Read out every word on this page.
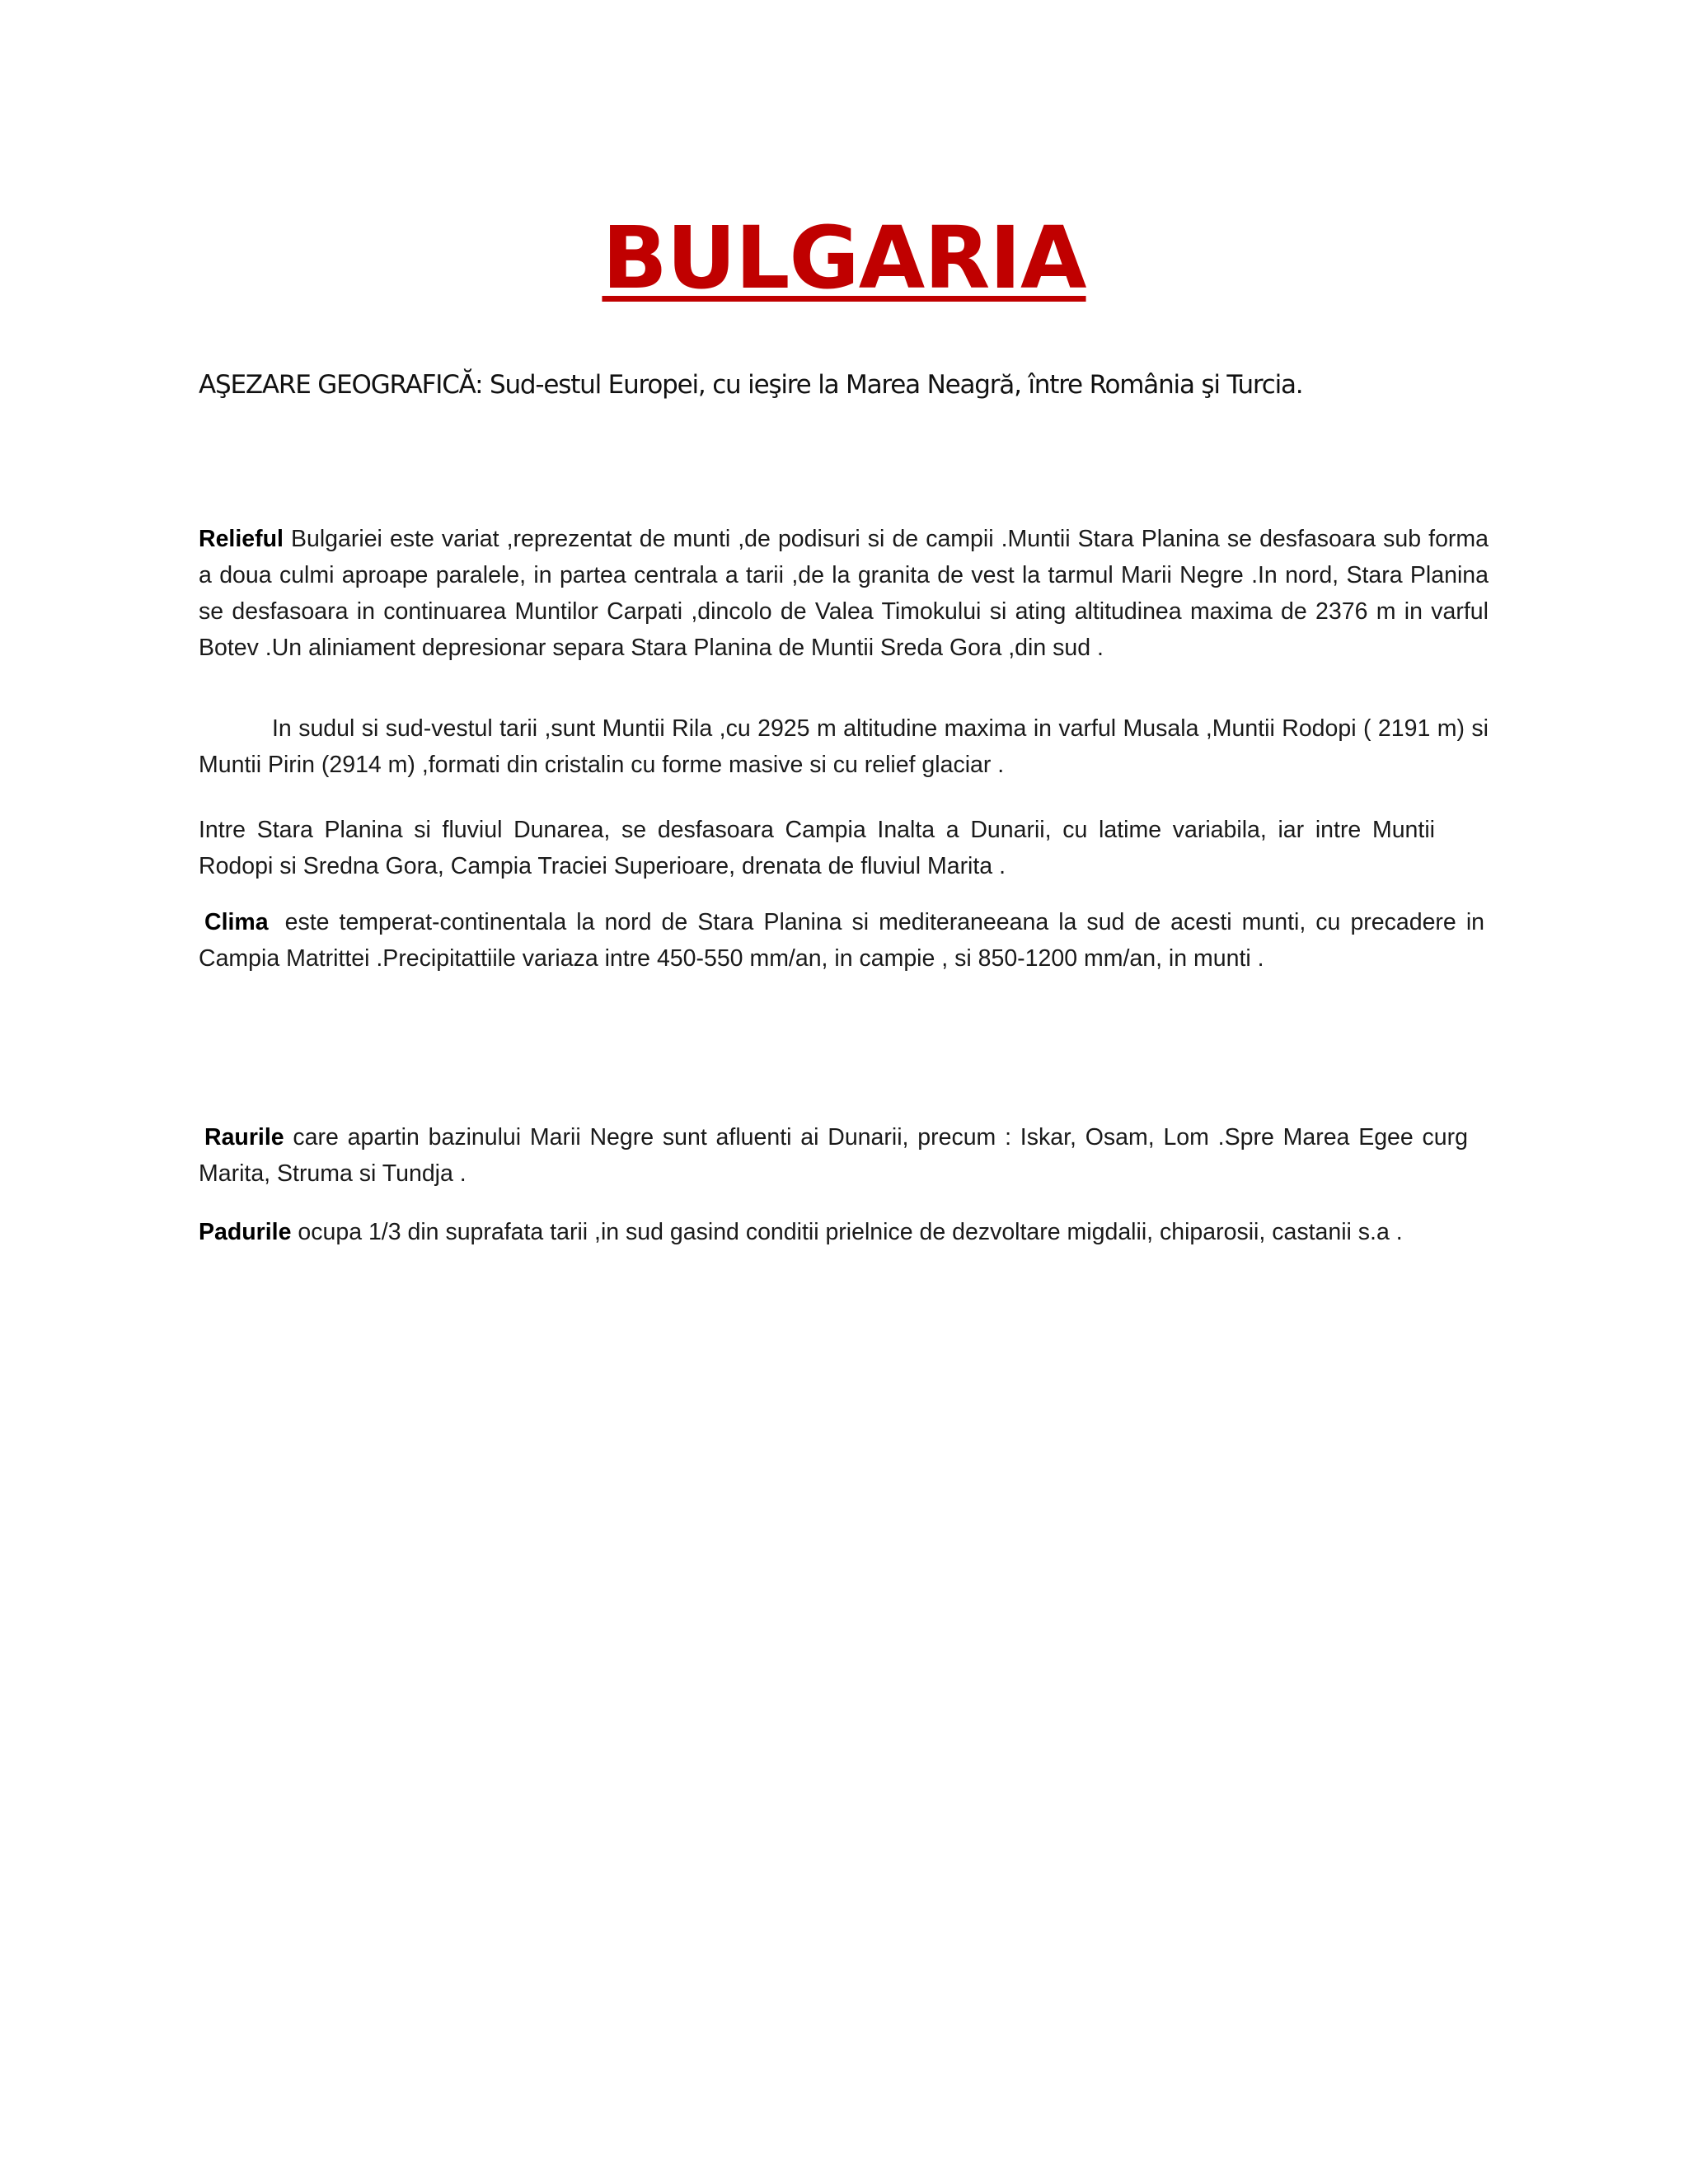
BULGARIA
AŞEZARE GEOGRAFICĂ: Sud-estul Europei, cu ieşire la Marea Neagră, între România şi Turcia.

Relieful Bulgariei este variat ,reprezentat de munti ,de podisuri si de campii .Muntii Stara Planina se desfasoara sub forma a doua culmi aproape paralele, in partea centrala a tarii ,de la granita de vest la tarmul Marii Negre .In nord, Stara Planina se desfasoara in continuarea Muntilor Carpati ,dincolo de Valea Timokului si ating altitudinea maxima de 2376 m in varful Botev .Un aliniament depresionar separa Stara Planina de Muntii Sreda Gora ,din sud .

In sudul si sud-vestul tarii ,sunt Muntii Rila ,cu 2925 m altitudine maxima in varful Musala ,Muntii Rodopi ( 2191 m) si Muntii Pirin (2914 m) ,formati din cristalin cu forme masive si cu relief glaciar .

Intre Stara Planina si fluviul Dunarea, se desfasoara Campia Inalta a Dunarii, cu latime variabila, iar intre Muntii Rodopi si Sredna Gora, Campia Traciei Superioare, drenata de fluviul Marita .

Clima este temperat-continentala la nord de Stara Planina si mediteraneeana la sud de acesti munti, cu precadere in Campia Matrittei .Precipitattiile variaza intre 450-550 mm/an, in campie , si 850-1200 mm/an, in munti .

Raurile care apartin bazinului Marii Negre sunt afluenti ai Dunarii, precum : Iskar, Osam, Lom .Spre Marea Egee curg Marita, Struma si Tundja .

Padurile ocupa 1/3 din suprafata tarii ,in sud gasind conditii prielnice de dezvoltare migdalii, chiparosii, castanii s.a .
